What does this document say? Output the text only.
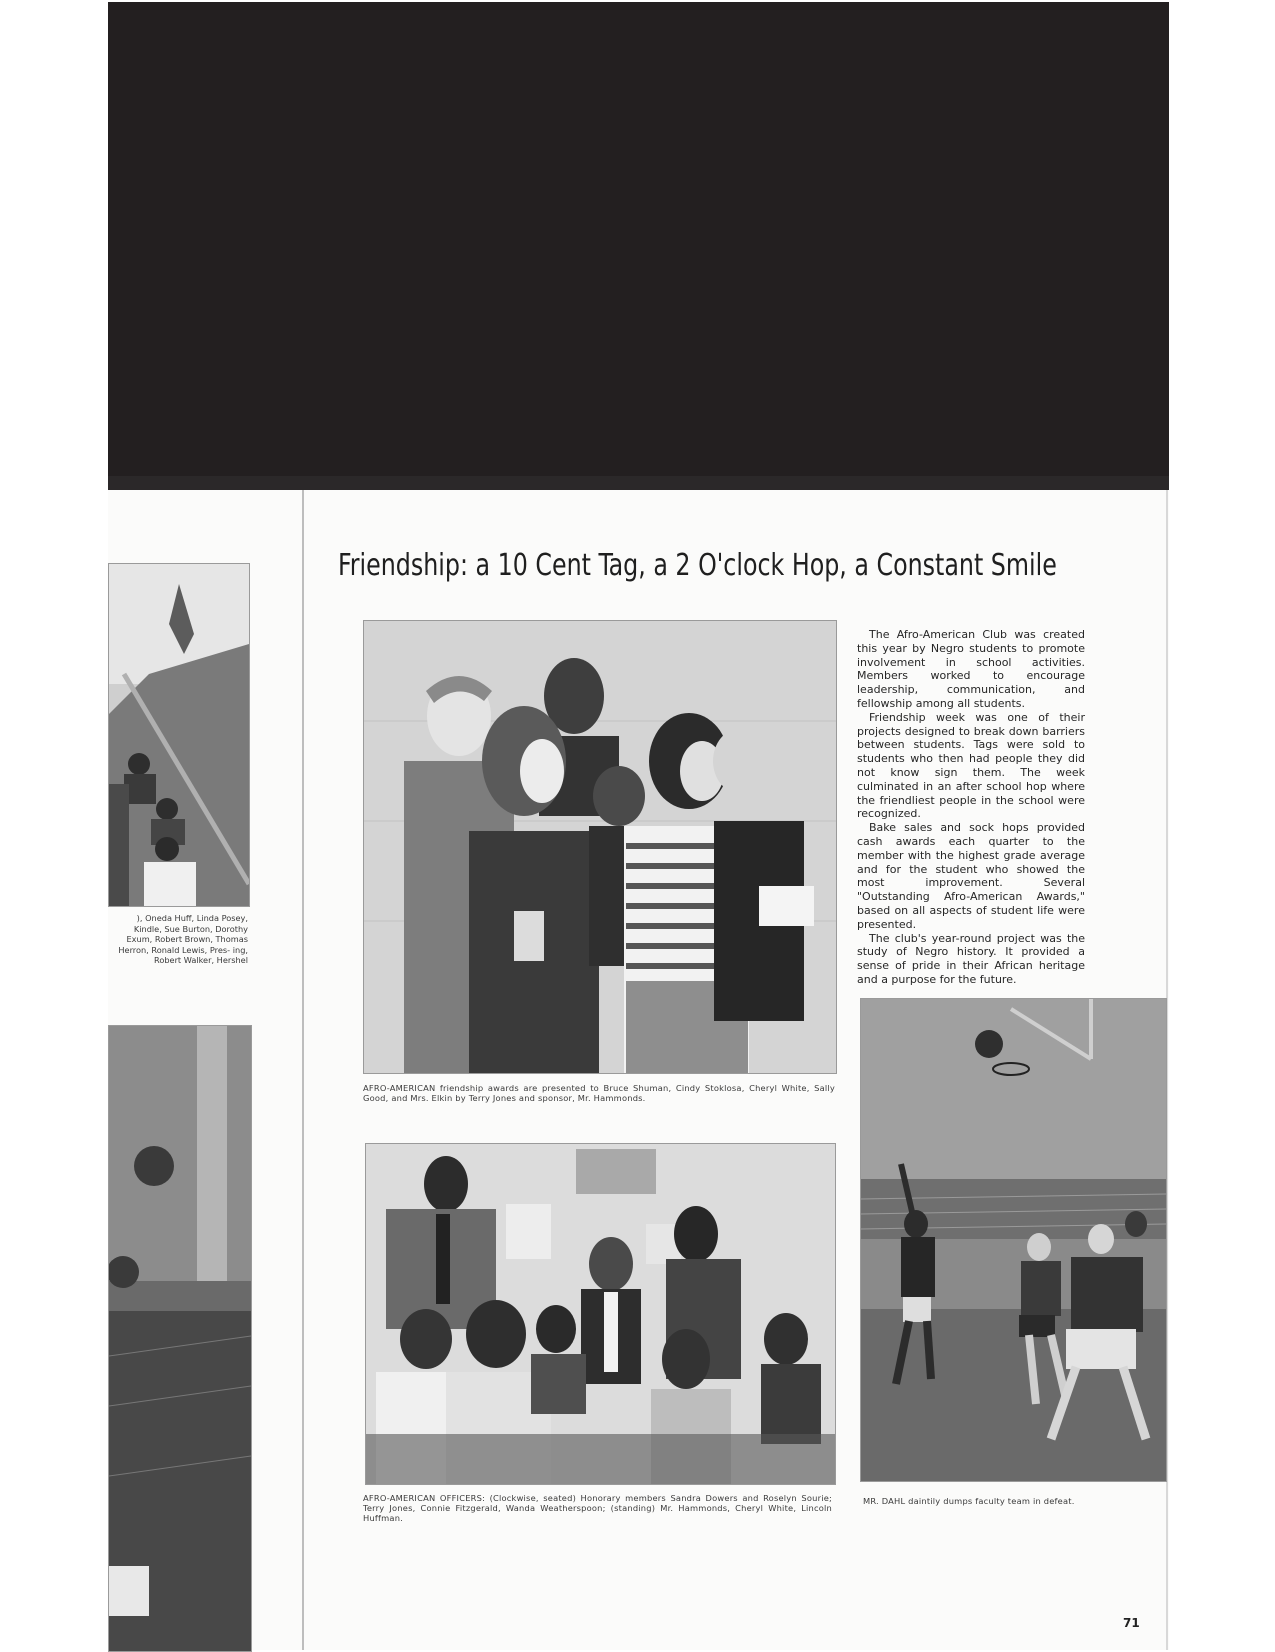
), Oneda Huff, Linda Posey, Kindle, Sue Burton, Dorothy Exum, Robert Brown, Thomas Herron, Ronald Lewis, Pres- ing, Robert Walker, Hershel
Friendship: a 10 Cent Tag, a 2 O'clock Hop, a Constant Smile
AFRO-AMERICAN friendship awards are presented to Bruce Shuman, Cindy Stoklosa, Cheryl White, Sally Good, and Mrs. Elkin by Terry Jones and sponsor, Mr. Hammonds.

The Afro-American Club was created this year by Negro students to promote involvement in school activities. Members worked to encourage leadership, communication, and fellowship among all students.

Friendship week was one of their projects designed to break down barriers between students. Tags were sold to students who then had people they did not know sign them. The week culminated in an after school hop where the friendliest people in the school were recognized.

Bake sales and sock hops provided cash awards each quarter to the member with the highest grade average and for the student who showed the most improvement. Several "Outstanding Afro-American Awards," based on all aspects of student life were presented.

The club's year-round project was the study of Negro history. It provided a sense of pride in their African heritage and a purpose for the future.

AFRO-AMERICAN OFFICERS: (Clockwise, seated) Honorary members Sandra Dowers and Roselyn Sourie; Terry Jones, Connie Fitzgerald, Wanda Weatherspoon; (standing) Mr. Hammonds, Cheryl White, Lincoln Huffman.
MR. DAHL daintily dumps faculty team in defeat.
71
